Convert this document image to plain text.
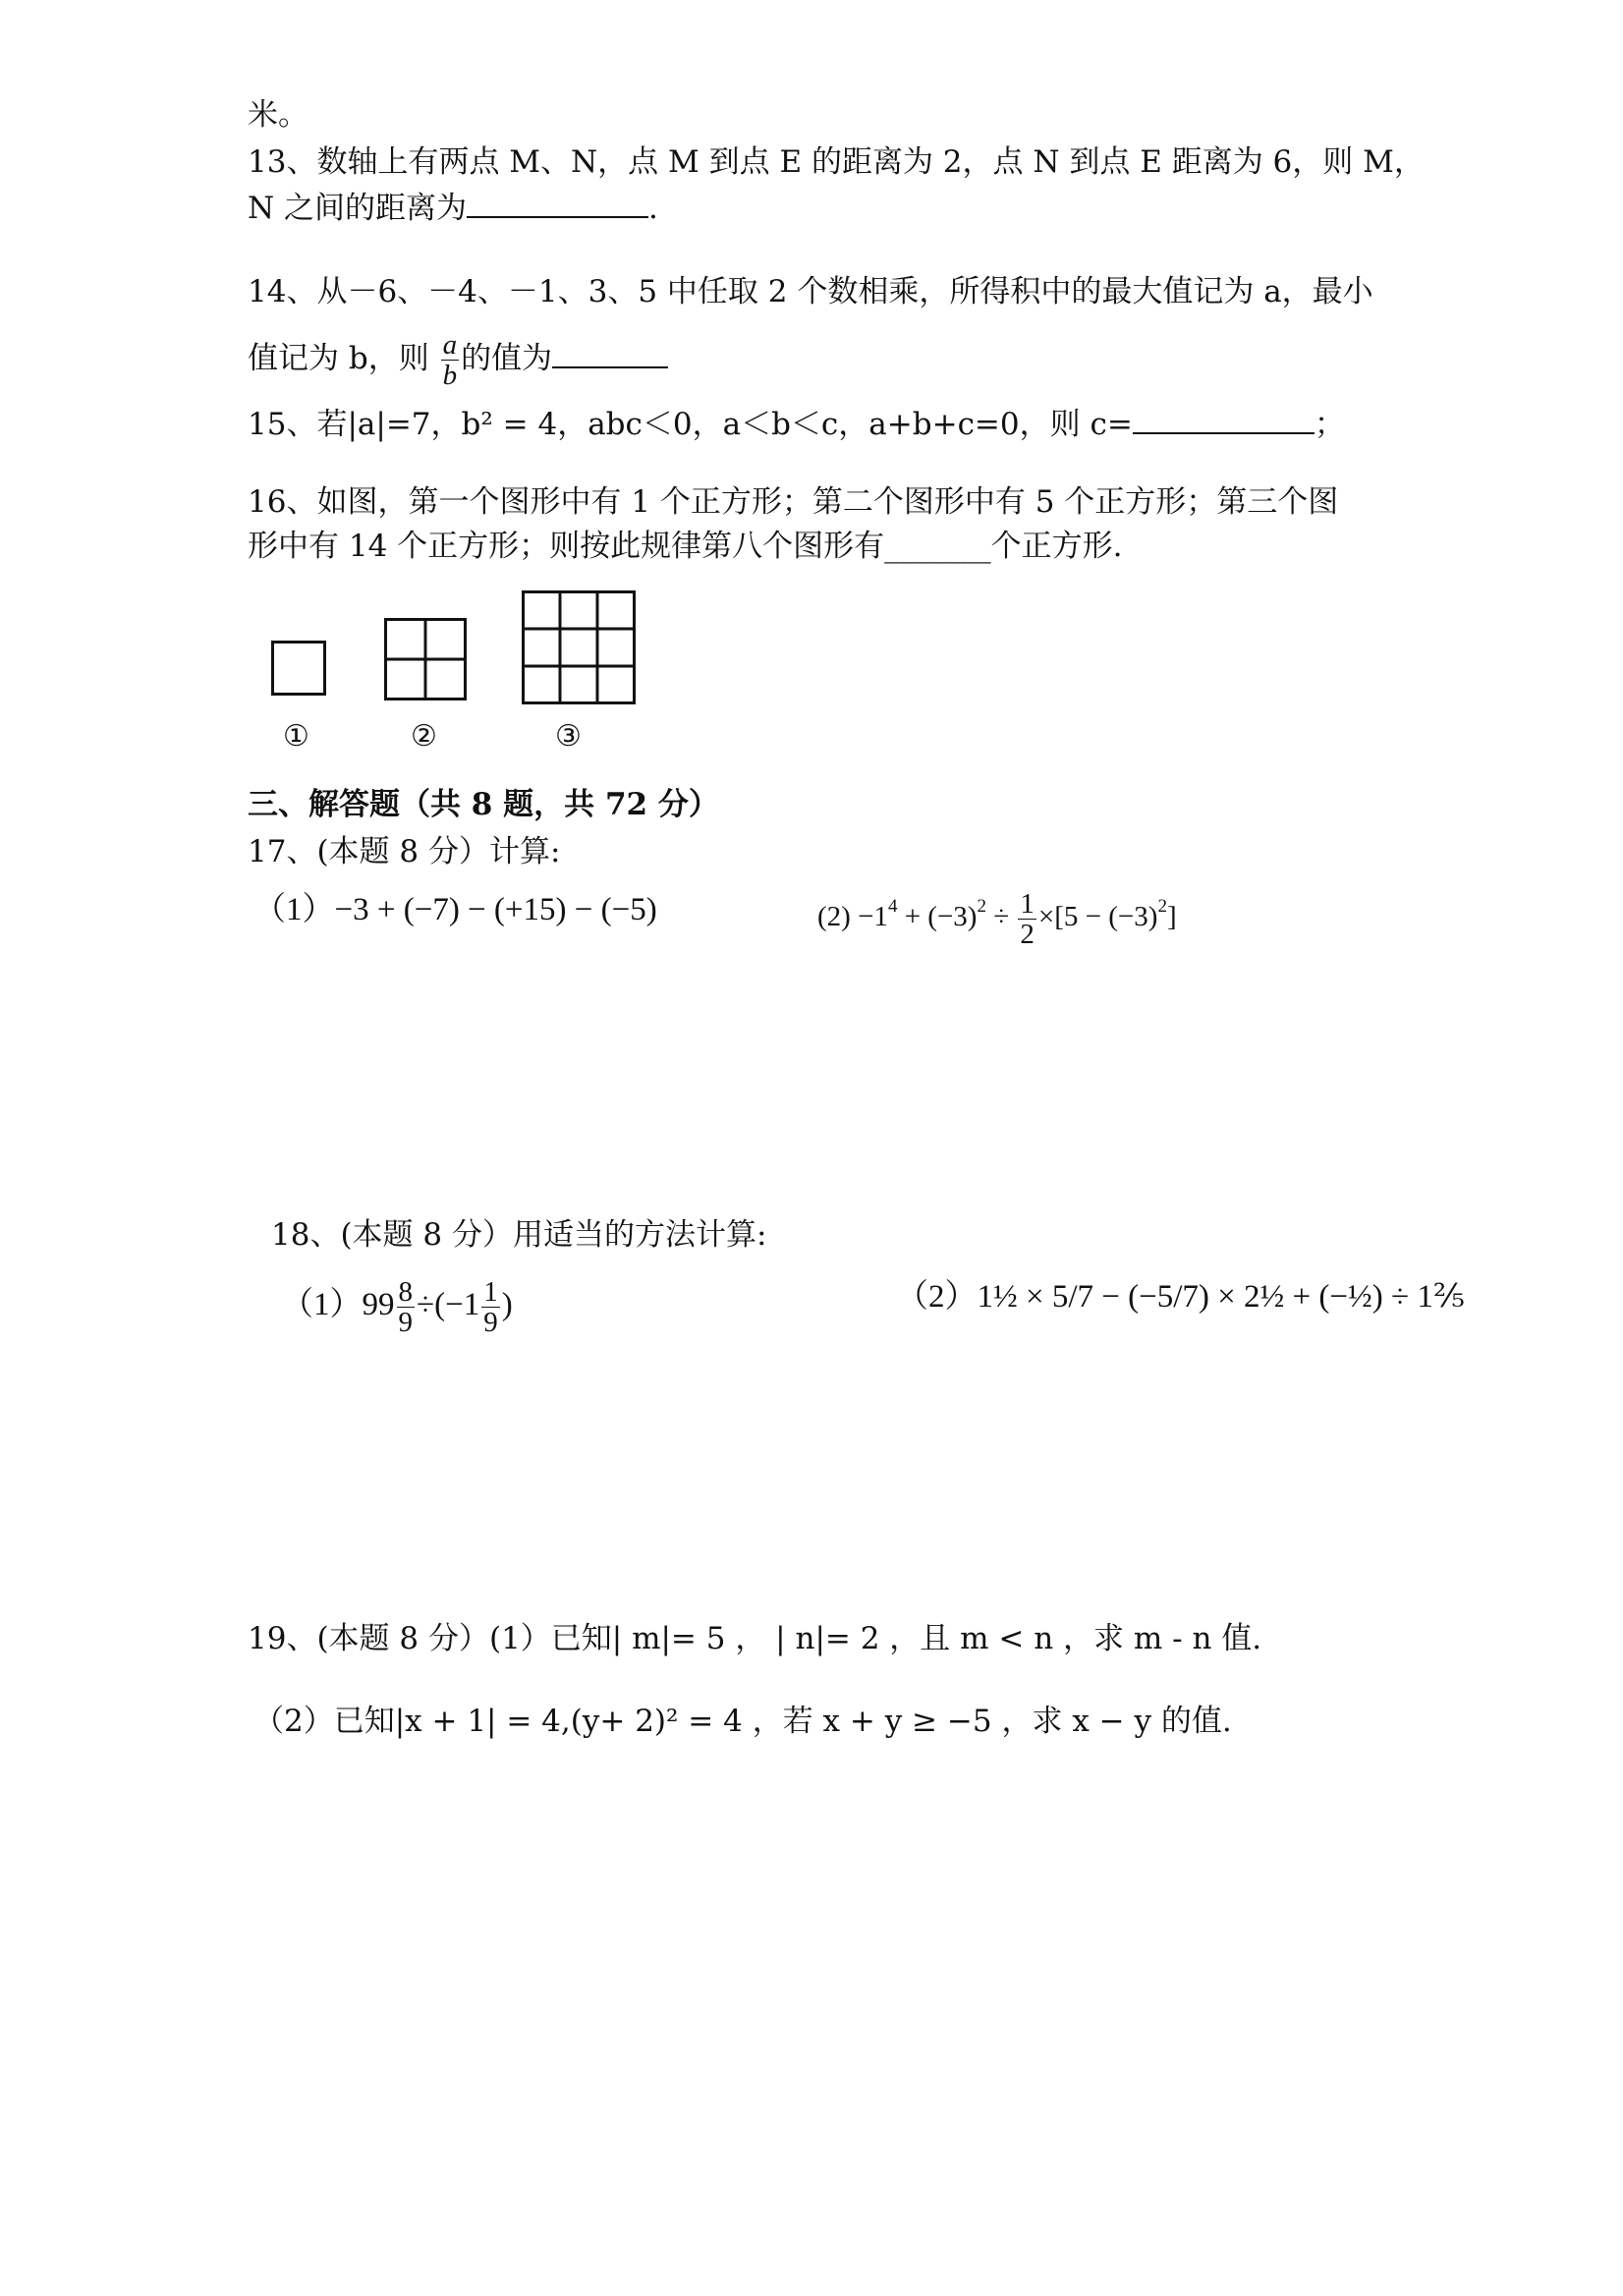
米。
13、数轴上有两点 M、N，点 M 到点 E 的距离为 2，点 N 到点 E 距离为 6，则 M，
N 之间的距离为	.
14、从－6、－4、－1、3、5 中任取 2 个数相乘，所得积中的最大值记为 a，最小
值记为 b，则 $\frac{a}{b}$ 的值为
15、若|a|=7，b² = 4，abc＜0，a＜b＜c，a+b+c=0，则 c=	；
16、如图，第一个图形中有 1 个正方形；第二个图形中有 5 个正方形；第三个图
形中有 14 个正方形；则按此规律第八个图形有_______个正方形.
①	②	③
三、解答题（共 8 题，共 72 分）
17、(本题 8 分）计算:
（1）−3 + (−7) − (+15) − (−5)	$(2) -1^4 + (-3)^2 \div \frac{1}{2} \times[5 - (-3)^2]$
18、(本题 8 分）用适当的方法计算:
$(1)99 \frac{8}{9} \div(-1 \frac{1}{9}$ )	（2）1½ × 5/7 − (−5/7) × 2½ + (−½) ÷ 1⅖
19、(本题 8 分）(1）已知| m|= 5 ， | n|= 2 ，且 m < n ，求 m - n 值.
（2）已知|x + 1| = 4,(y+ 2)² = 4 ，若 x + y ≥ −5 ，求 x − y 的值.
